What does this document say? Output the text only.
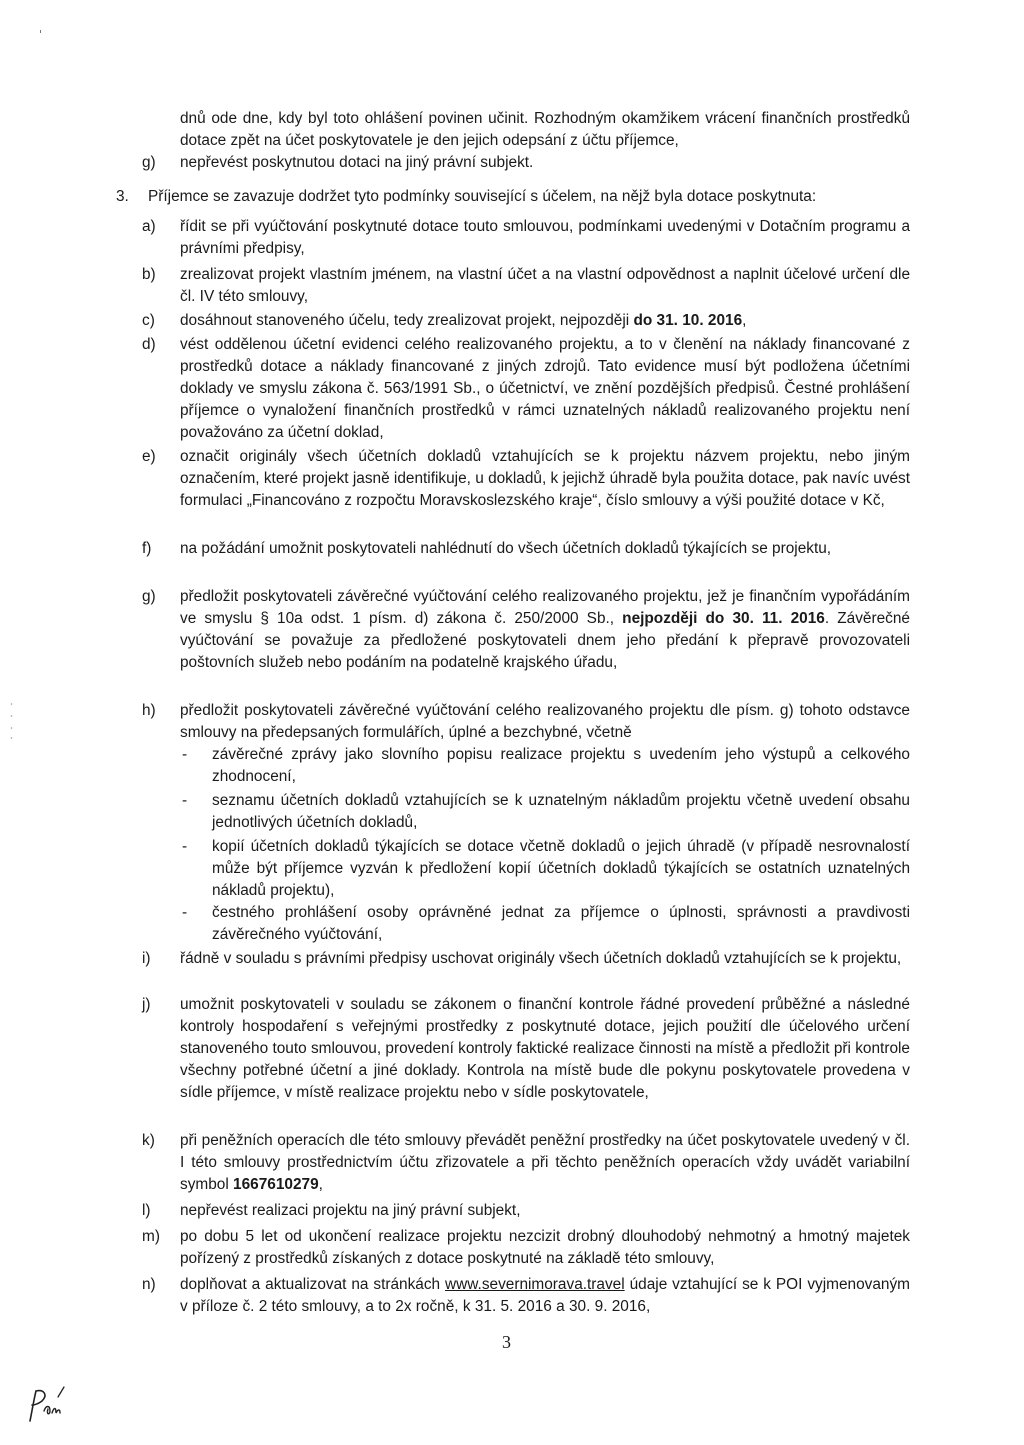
dnů ode dne, kdy byl toto ohlášení povinen učinit. Rozhodným okamžikem vrácení finančních prostředků dotace zpět na účet poskytovatele je den jejich odepsání z účtu příjemce,
g) nepřevést poskytnutou dotaci na jiný právní subjekt.
3. Příjemce se zavazuje dodržet tyto podmínky související s účelem, na nějž byla dotace poskytnuta:
a) řídit se při vyúčtování poskytnuté dotace touto smlouvou, podmínkami uvedenými v Dotačním programu a právními předpisy,
b) zrealizovat projekt vlastním jménem, na vlastní účet a na vlastní odpovědnost a naplnit účelové určení dle čl. IV této smlouvy,
c) dosáhnout stanoveného účelu, tedy zrealizovat projekt, nejpozději do 31. 10. 2016,
d) vést oddělenou účetní evidenci celého realizovaného projektu, a to v členění na náklady financované z prostředků dotace a náklady financované z jiných zdrojů. Tato evidence musí být podložena účetními doklady ve smyslu zákona č. 563/1991 Sb., o účetnictví, ve znění pozdějších předpisů. Čestné prohlášení příjemce o vynaložení finančních prostředků v rámci uznatelných nákladů realizovaného projektu není považováno za účetní doklad,
e) označit originály všech účetních dokladů vztahujících se k projektu názvem projektu, nebo jiným označením, které projekt jasně identifikuje, u dokladů, k jejichž úhradě byla použita dotace, pak navíc uvést formulaci „Financováno z rozpočtu Moravskoslezského kraje“, číslo smlouvy a výši použité dotace v Kč,
f) na požádání umožnit poskytovateli nahlédnutí do všech účetních dokladů týkajících se projektu,
g) předložit poskytovateli závěrečné vyúčtování celého realizovaného projektu, jež je finančním vypořádáním ve smyslu § 10a odst. 1 písm. d) zákona č. 250/2000 Sb., nejpozději do 30. 11. 2016. Závěrečné vyúčtování se považuje za předložené poskytovateli dnem jeho předání k přepravě provozovateli poštovních služeb nebo podáním na podatelně krajského úřadu,
h) předložit poskytovateli závěrečné vyúčtování celého realizovaného projektu dle písm. g) tohoto odstavce smlouvy na předepsaných formulářích, úplné a bezchybné, včetně
- závěrečné zprávy jako slovního popisu realizace projektu s uvedením jeho výstupů a celkového zhodnocení,
- seznamu účetních dokladů vztahujících se k uznatelným nákladům projektu včetně uvedení obsahu jednotlivých účetních dokladů,
- kopií účetních dokladů týkajících se dotace včetně dokladů o jejich úhradě (v případě nesrovnalostí může být příjemce vyzván k předložení kopií účetních dokladů týkajících se ostatních uznatelných nákladů projektu),
- čestného prohlášení osoby oprávněné jednat za příjemce o úplnosti, správnosti a pravdivosti závěrečného vyúčtování,
i) řádně v souladu s právními předpisy uschovat originály všech účetních dokladů vztahujících se k projektu,
j) umožnit poskytovateli v souladu se zákonem o finanční kontrole řádné provedení průběžné a následné kontroly hospodaření s veřejnými prostředky z poskytnuté dotace, jejich použití dle účelového určení stanoveného touto smlouvou, provedení kontroly faktické realizace činnosti na místě a předložit při kontrole všechny potřebné účetní a jiné doklady. Kontrola na místě bude dle pokynu poskytovatele provedena v sídle příjemce, v místě realizace projektu nebo v sídle poskytovatele,
k) při peněžních operacích dle této smlouvy převádět peněžní prostředky na účet poskytovatele uvedený v čl. I této smlouvy prostřednictvím účtu zřizovatele a při těchto peněžních operacích vždy uvádět variabilní symbol 1667610279,
l) nepřevést realizaci projektu na jiný právní subjekt,
m) po dobu 5 let od ukončení realizace projektu nezcizit drobný dlouhodobý nehmotný a hmotný majetek pořízený z prostředků získaných z dotace poskytnuté na základě této smlouvy,
n) doplňovat a aktualizovat na stránkách www.severnimorava.travel údaje vztahující se k POI vyjmenovaným v příloze č. 2 této smlouvy, a to 2x ročně, k 31. 5. 2016 a 30. 9. 2016,
3
